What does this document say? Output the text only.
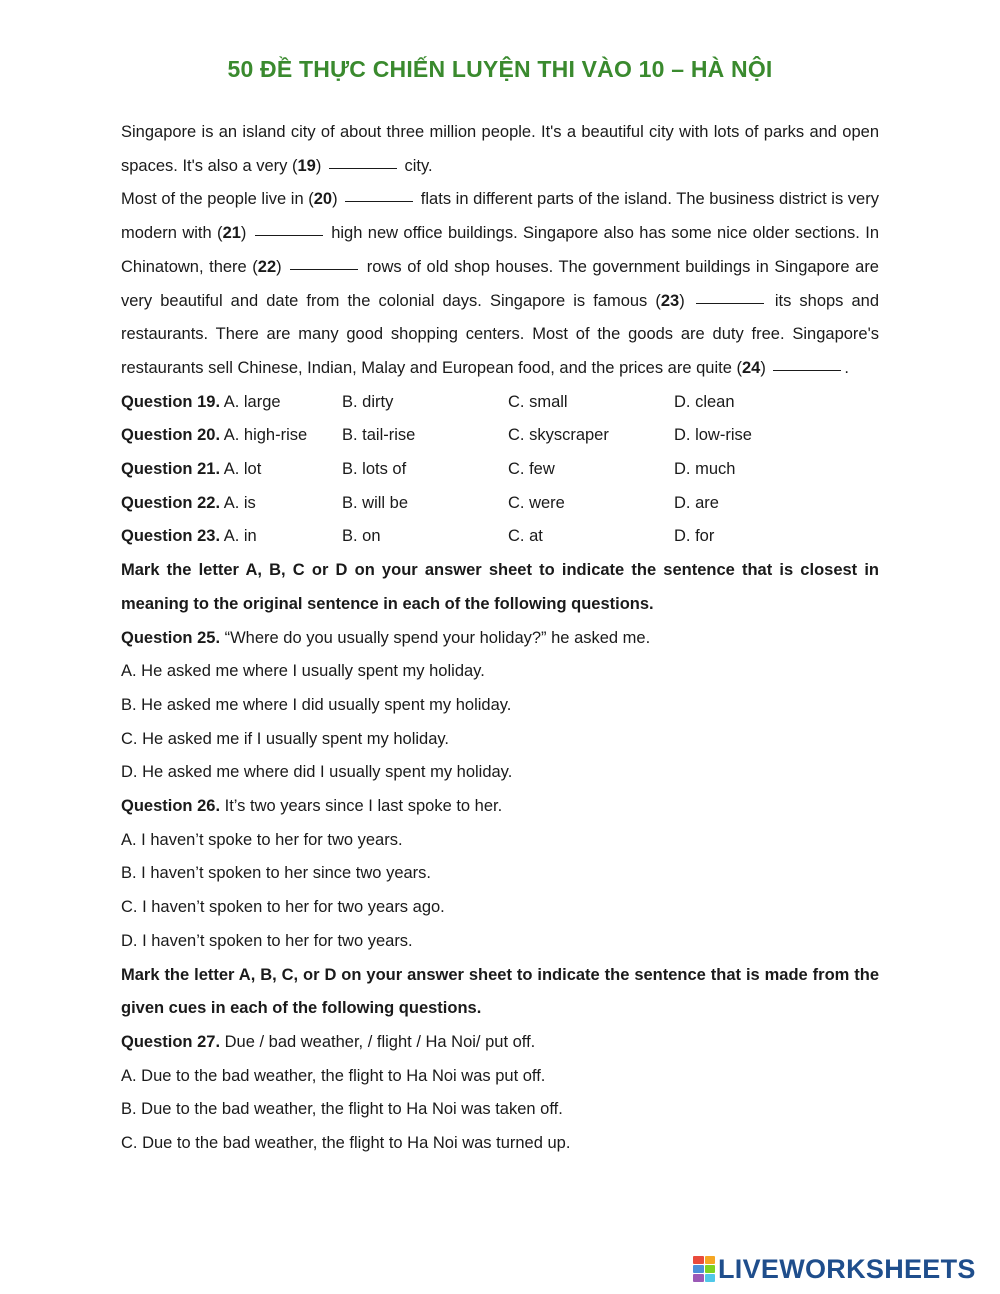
50 ĐỀ THỰC CHIẾN LUYỆN THI VÀO 10 – HÀ NỘI

Singapore is an island city of about three million people. It's a beautiful city with lots of parks and open spaces. It's also a very (19)	city.
Most of the people live in (20)	flats in different parts of the island. The business district is very modern with (21)	high new office buildings. Singapore also has some nice older sections. In Chinatown, there (22)	rows of old shop houses. The government buildings in Singapore are very beautiful and date from the colonial days. Singapore is famous (23)	its shops and restaurants. There are many good shopping centers. Most of the goods are duty free. Singapore's restaurants sell Chinese, Indian, Malay and European food, and the prices are quite (24)	.

Question 19. A. large	B. dirty	C. small	D. clean
Question 20. A. high-rise	B. tail-rise	C. skyscraper	D. low-rise
Question 21. A. lot	B. lots of	C. few	D. much
Question 22. A. is	B. will be	C. were	D. are
Question 23. A. in	B. on	C. at	D. for

Mark the letter A, B, C or D on your answer sheet to indicate the sentence that is closest in meaning to the original sentence in each of the following questions.

Question 25. “Where do you usually spend your holiday?” he asked me.

A. He asked me where I usually spent my holiday.

B. He asked me where I did usually spent my holiday.

C. He asked me if I usually spent my holiday.

D. He asked me where did I usually spent my holiday.

Question 26. It’s two years since I last spoke to her.

A. I haven’t spoke to her for two years.

B. I haven’t spoken to her since two years.

C. I haven’t spoken to her for two years ago.

D. I haven’t spoken to her for two years.

Mark the letter A, B, C, or D on your answer sheet to indicate the sentence that is made from the given cues in each of the following questions.

Question 27. Due / bad weather, / flight / Ha Noi/ put off.

A. Due to the bad weather, the flight to Ha Noi was put off.

B. Due to the bad weather, the flight to Ha Noi was taken off.

C. Due to the bad weather, the flight to Ha Noi was turned up.

LIVEWORKSHEETS
